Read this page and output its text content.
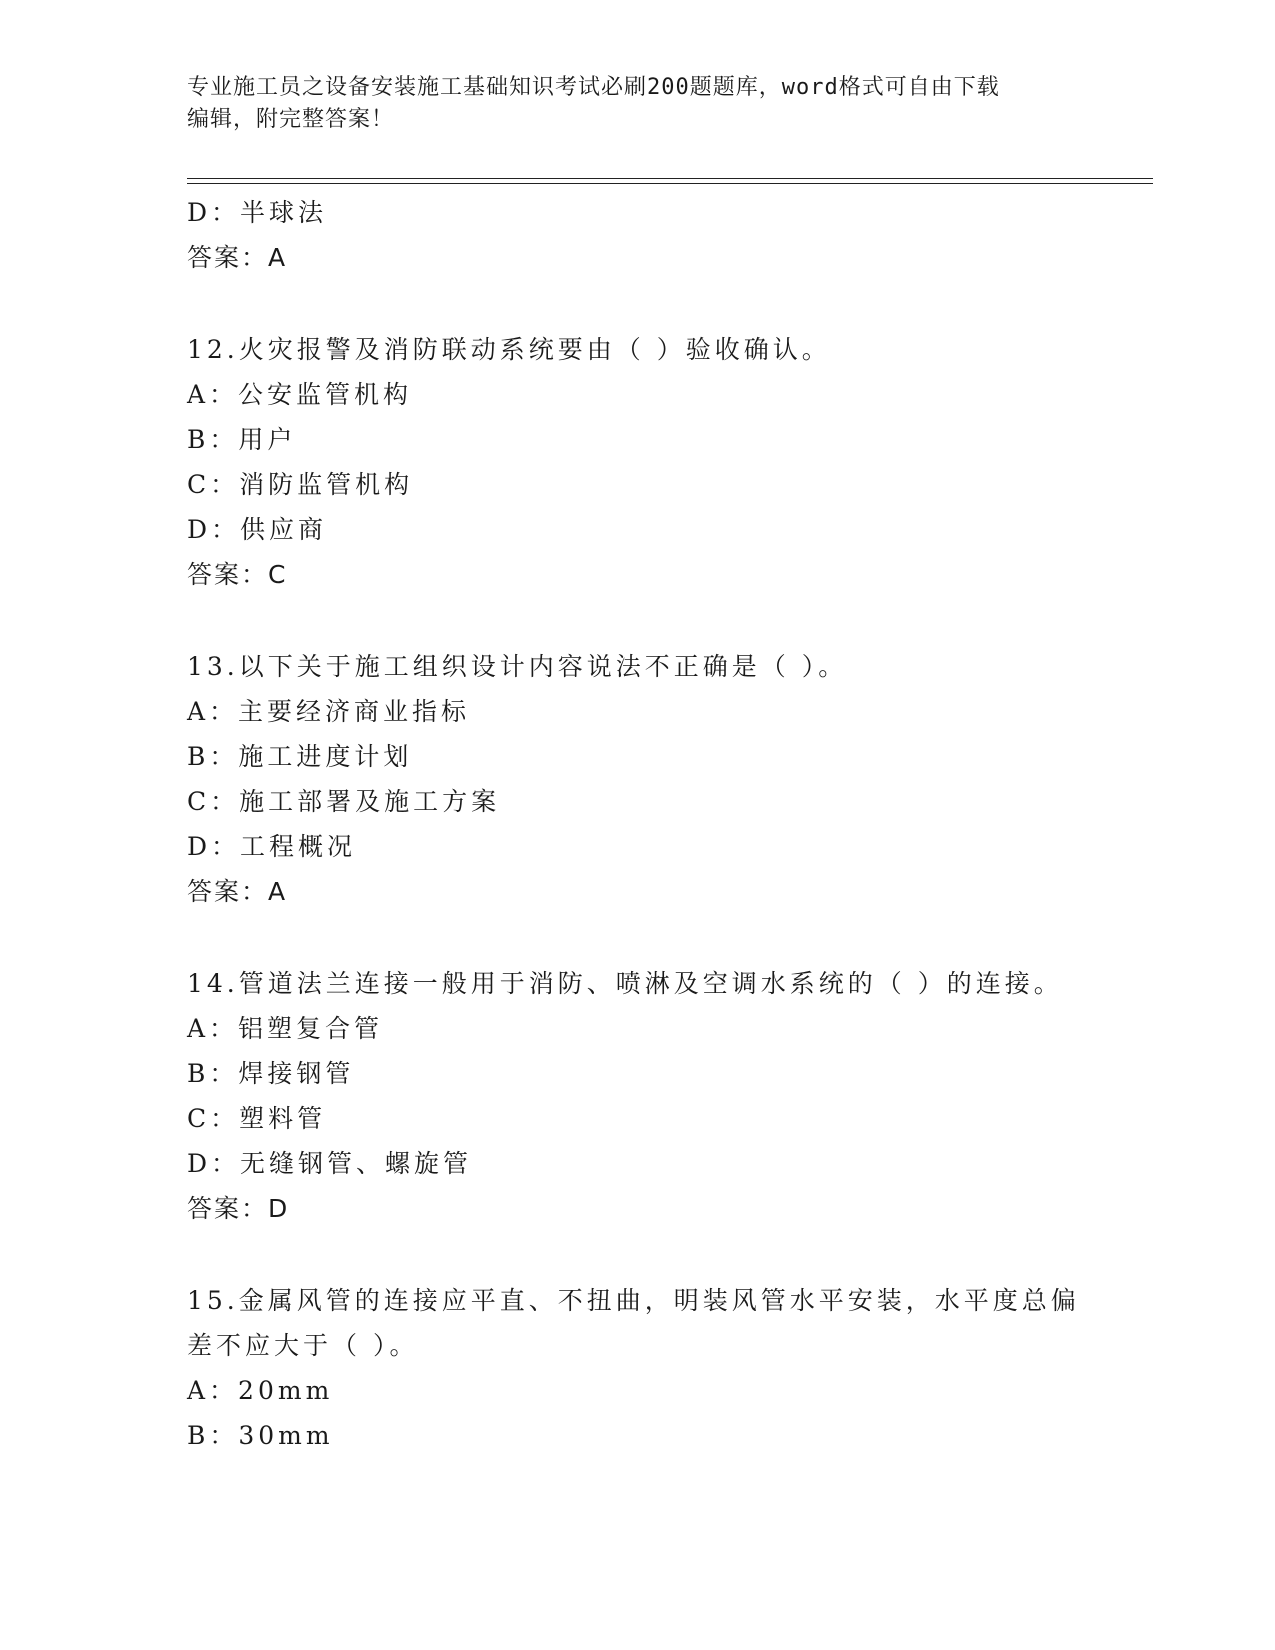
专业施工员之设备安装施工基础知识考试必刷200题题库，word格式可自由下载
编辑，附完整答案！
D：半球法
答案：A
12.火灾报警及消防联动系统要由（ ）验收确认。
A：公安监管机构
B：用户
C：消防监管机构
D：供应商
答案：C
13.以下关于施工组织设计内容说法不正确是（ ）。
A：主要经济商业指标
B：施工进度计划
C：施工部署及施工方案
D：工程概况
答案：A
14.管道法兰连接一般用于消防、喷淋及空调水系统的（ ）的连接。
A：铝塑复合管
B：焊接钢管
C：塑料管
D：无缝钢管、螺旋管
答案：D
15.金属风管的连接应平直、不扭曲，明装风管水平安装，水平度总偏
差不应大于（ ）。
A：20mm
B：30mm
